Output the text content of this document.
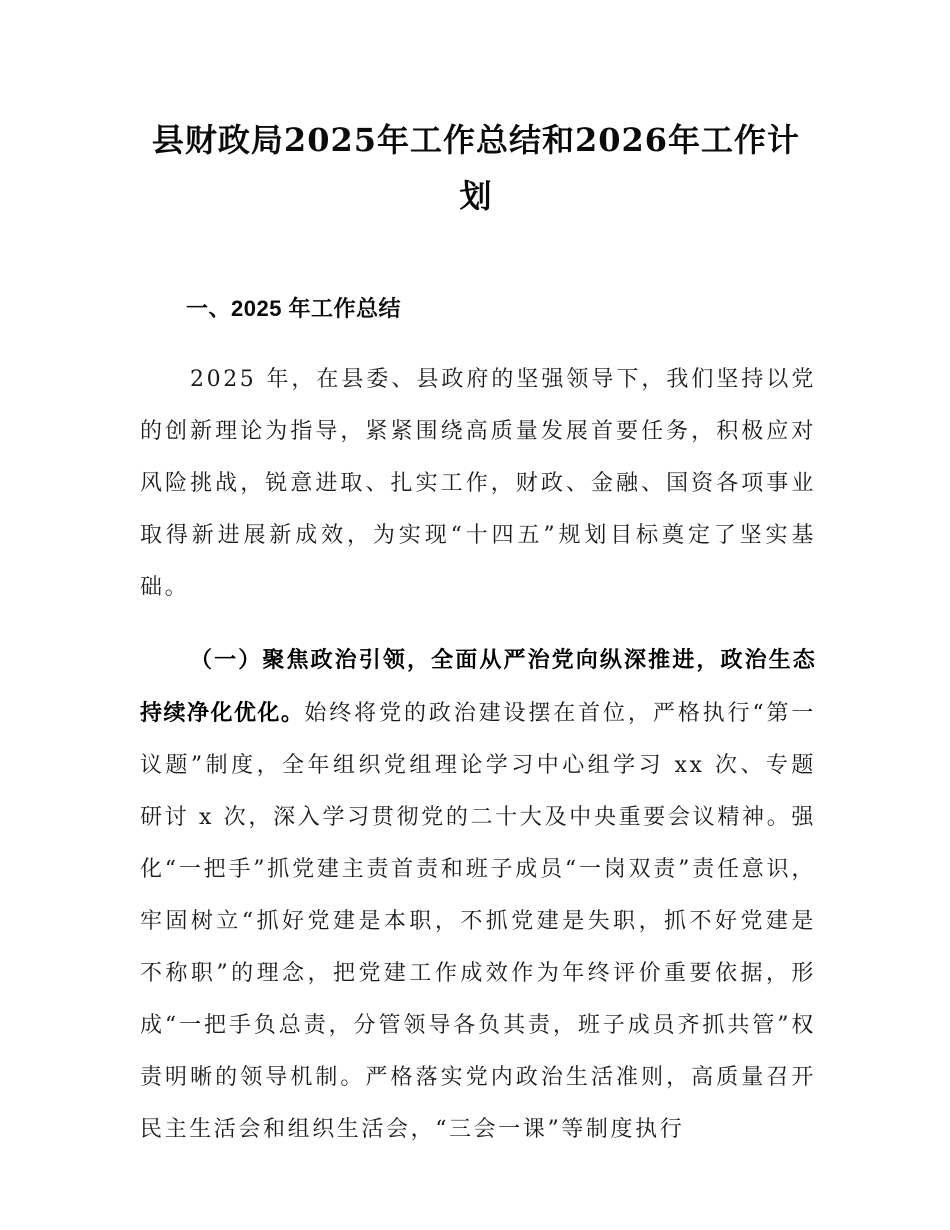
县财政局2025年工作总结和2026年工作计划
一、2025 年工作总结

2025 年，在县委、县政府的坚强领导下，我们坚持以党的创新理论为指导，紧紧围绕高质量发展首要任务，积极应对风险挑战，锐意进取、扎实工作，财政、金融、国资各项事业取得新进展新成效，为实现“十四五”规划目标奠定了坚实基础。

（一）聚焦政治引领，全面从严治党向纵深推进，政治生态持续净化优化。始终将党的政治建设摆在首位，严格执行“第一议题”制度，全年组织党组理论学习中心组学习 xx 次、专题研讨 x 次，深入学习贯彻党的二十大及中央重要会议精神。强化“一把手”抓党建主责首责和班子成员“一岗双责”责任意识，牢固树立“抓好党建是本职，不抓党建是失职，抓不好党建是不称职”的理念，把党建工作成效作为年终评价重要依据，形成“一把手负总责，分管领导各负其责，班子成员齐抓共管”权责明晰的领导机制。严格落实党内政治生活准则，高质量召开民主生活会和组织生活会，“三会一课”等制度执行
